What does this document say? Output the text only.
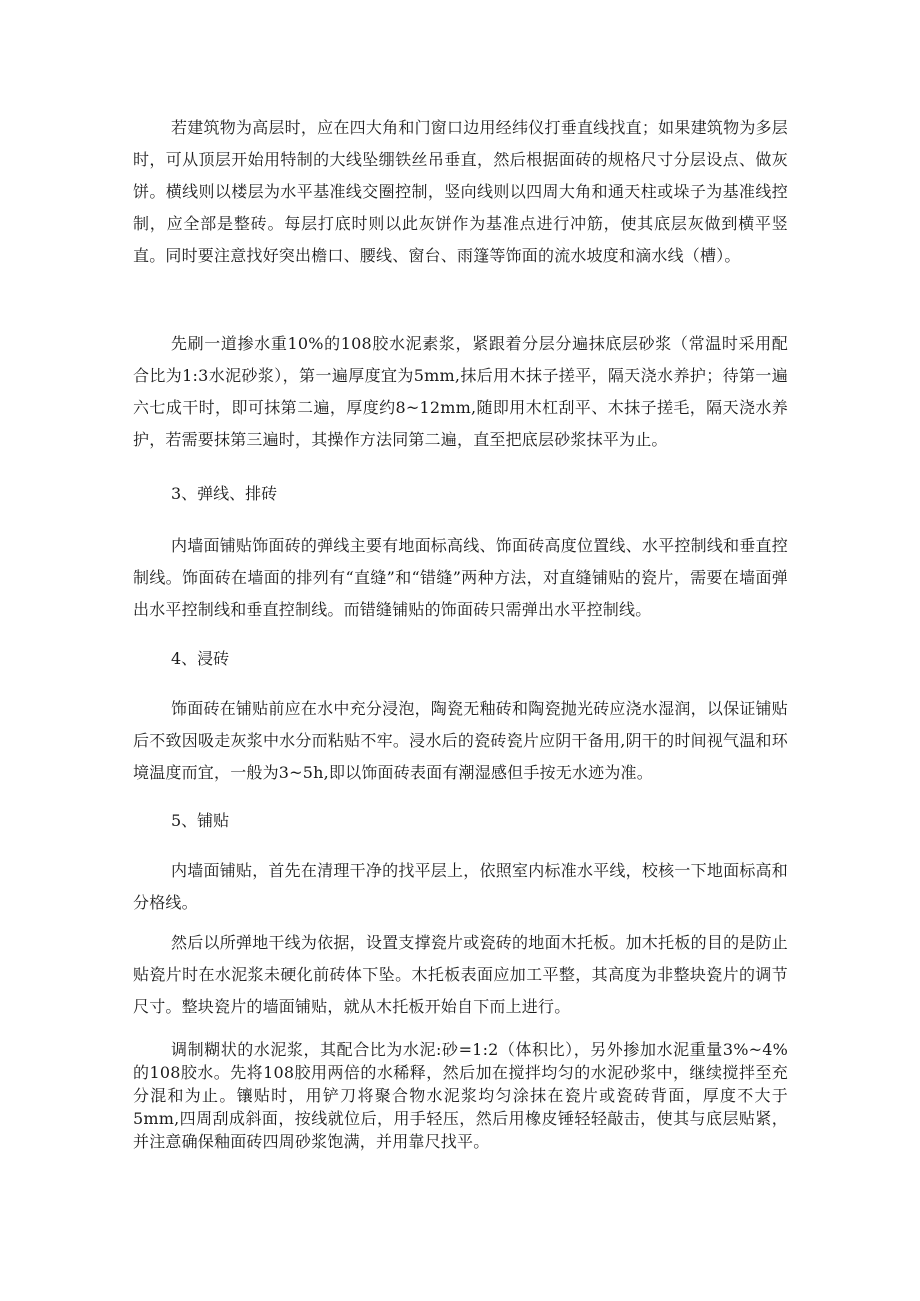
若建筑物为高层时，应在四大角和门窗口边用经纬仪打垂直线找直；如果建筑物为多层时，可从顶层开始用特制的大线坠绷铁丝吊垂直，然后根据面砖的规格尺寸分层设点、做灰饼。横线则以楼层为水平基准线交圈控制，竖向线则以四周大角和通天柱或垛子为基准线控制，应全部是整砖。每层打底时则以此灰饼作为基准点进行冲筋，使其底层灰做到横平竖直。同时要注意找好突出檐口、腰线、窗台、雨篷等饰面的流水坡度和滴水线（槽）。

先刷一道掺水重10%的108胶水泥素浆，紧跟着分层分遍抹底层砂浆（常温时采用配合比为1:3水泥砂浆），第一遍厚度宜为5mm,抹后用木抹子搓平，隔天浇水养护；待第一遍六七成干时，即可抹第二遍，厚度约8~12mm,随即用木杠刮平、木抹子搓毛，隔天浇水养护，若需要抹第三遍时，其操作方法同第二遍，直至把底层砂浆抹平为止。

3、弹线、排砖

内墙面铺贴饰面砖的弹线主要有地面标高线、饰面砖高度位置线、水平控制线和垂直控制线。饰面砖在墙面的排列有“直缝”和“错缝”两种方法，对直缝铺贴的瓷片，需要在墙面弹出水平控制线和垂直控制线。而错缝铺贴的饰面砖只需弹出水平控制线。

4、浸砖

饰面砖在铺贴前应在水中充分浸泡，陶瓷无釉砖和陶瓷抛光砖应浇水湿润，以保证铺贴后不致因吸走灰浆中水分而粘贴不牢。浸水后的瓷砖瓷片应阴干备用,阴干的时间视气温和环境温度而宜，一般为3~5h,即以饰面砖表面有潮湿感但手按无水迹为准。

5、铺贴

内墙面铺贴，首先在清理干净的找平层上，依照室内标准水平线，校核一下地面标高和分格线。

然后以所弹地干线为依据，设置支撑瓷片或瓷砖的地面木托板。加木托板的目的是防止贴瓷片时在水泥浆未硬化前砖体下坠。木托板表面应加工平整，其高度为非整块瓷片的调节尺寸。整块瓷片的墙面铺贴，就从木托板开始自下而上进行。

调制糊状的水泥浆，其配合比为水泥:砂=1:2（体积比），另外掺加水泥重量3%~4%的108胶水。先将108胶用两倍的水稀释，然后加在搅拌均匀的水泥砂浆中，继续搅拌至充分混和为止。镶贴时，用铲刀将聚合物水泥浆均匀涂抹在瓷片或瓷砖背面，厚度不大于5mm,四周刮成斜面，按线就位后，用手轻压，然后用橡皮锤轻轻敲击，使其与底层贴紧，并注意确保釉面砖四周砂浆饱满，并用靠尺找平。
